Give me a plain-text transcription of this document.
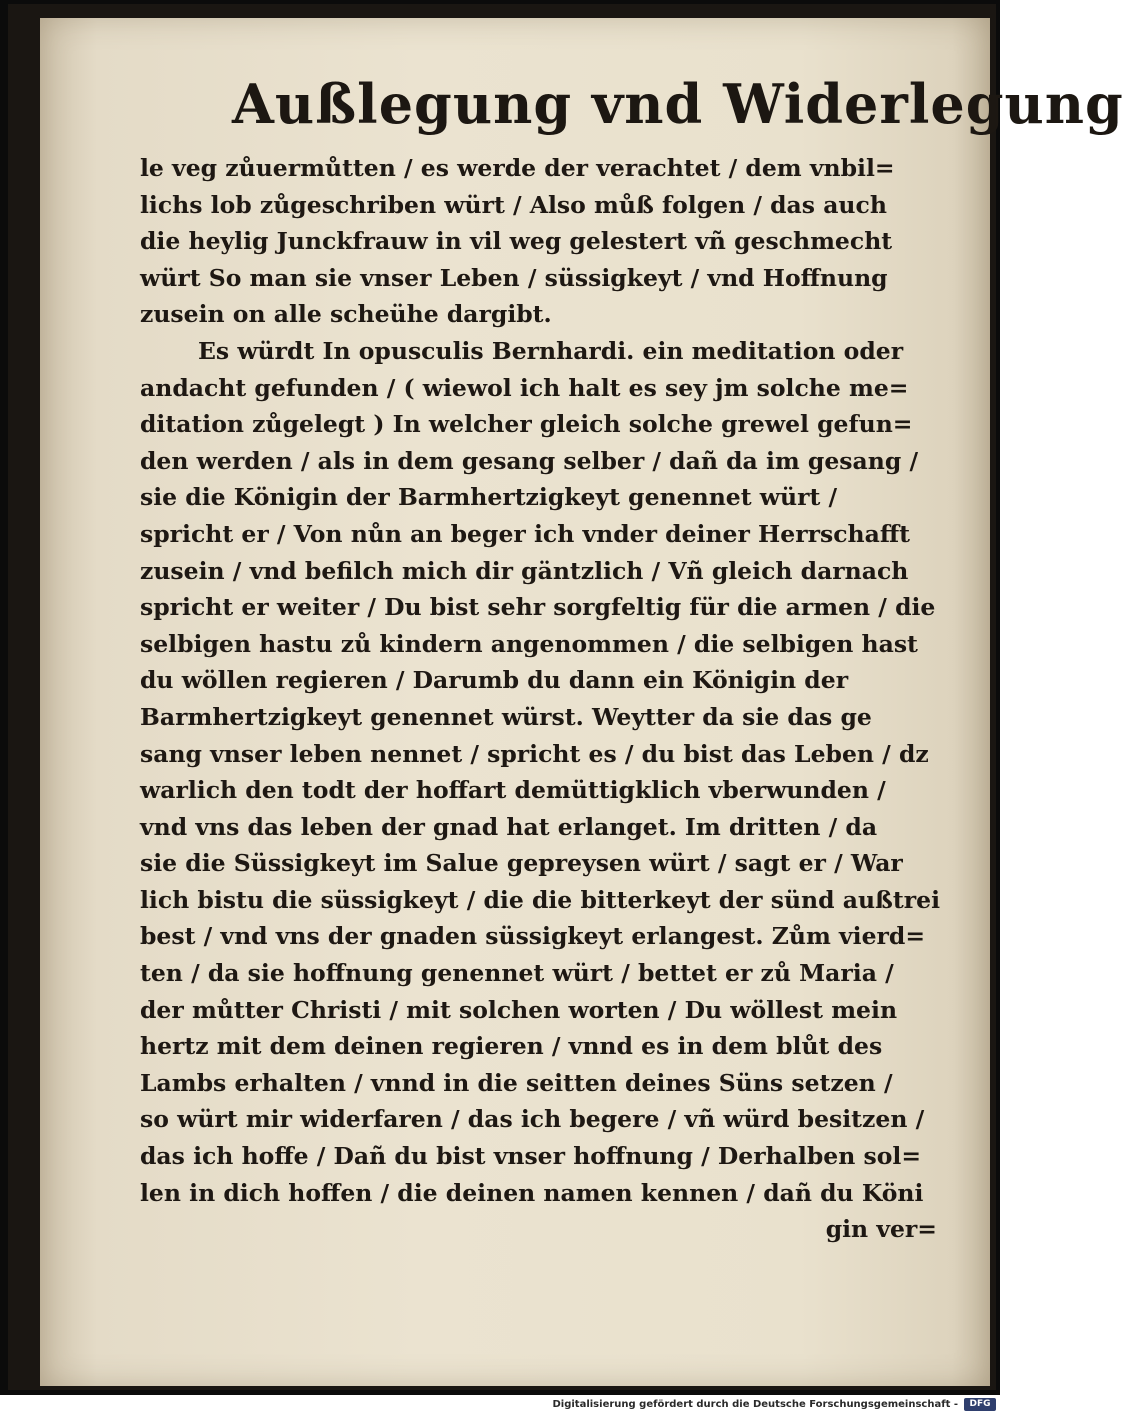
Außlegung vnd Widerlegung
le veg zůuermůtten / es werde der verachtet / dem vnbil=
lichs lob zůgeschriben würt / Also můß folgen / das auch
die heylig Junckfrauw in vil weg gelestert vñ geschmecht
würt So man sie vnser Leben / süssigkeyt / vnd Hoffnung
zusein on alle scheühe dargibt.
Es würdt In opusculis Bernhardi. ein meditation oder
andacht gefunden / ( wiewol ich halt es sey jm solche me=
ditation zůgelegt ) In welcher gleich solche grewel gefun=
den werden / als in dem gesang selber / dañ da im gesang /
sie die Königin der Barmhertzigkeyt genennet würt /
spricht er / Von nůn an beger ich vnder deiner Herrschafft
zusein / vnd befilch mich dir gäntzlich / Vñ gleich darnach
spricht er weiter / Du bist sehr sorgfeltig für die armen / die
selbigen hastu zů kindern angenommen / die selbigen hast
du wöllen regieren / Darumb du dann ein Königin der
Barmhertzigkeyt genennet würst. Weytter da sie das ge
sang vnser leben nennet / spricht es / du bist das Leben / dz
warlich den todt der hoffart demüttigklich vberwunden /
vnd vns das leben der gnad hat erlanget. Im dritten / da
sie die Süssigkeyt im Salue gepreysen würt / sagt er / War
lich bistu die süssigkeyt / die die bitterkeyt der sünd außtrei
best / vnd vns der gnaden süssigkeyt erlangest. Zům vierd=
ten / da sie hoffnung genennet würt / bettet er zů Maria /
der můtter Christi / mit solchen worten / Du wöllest mein
hertz mit dem deinen regieren / vnnd es in dem blůt des
Lambs erhalten / vnnd in die seitten deines Süns setzen /
so würt mir widerfaren / das ich begere / vñ würd besitzen /
das ich hoffe / Dañ du bist vnser hoffnung / Derhalben sol=
len in dich hoffen / die deinen namen kennen / dañ du Köni
gin ver=
Digitalisierung gefördert durch die Deutsche Forschungsgemeinschaft -	DFG
